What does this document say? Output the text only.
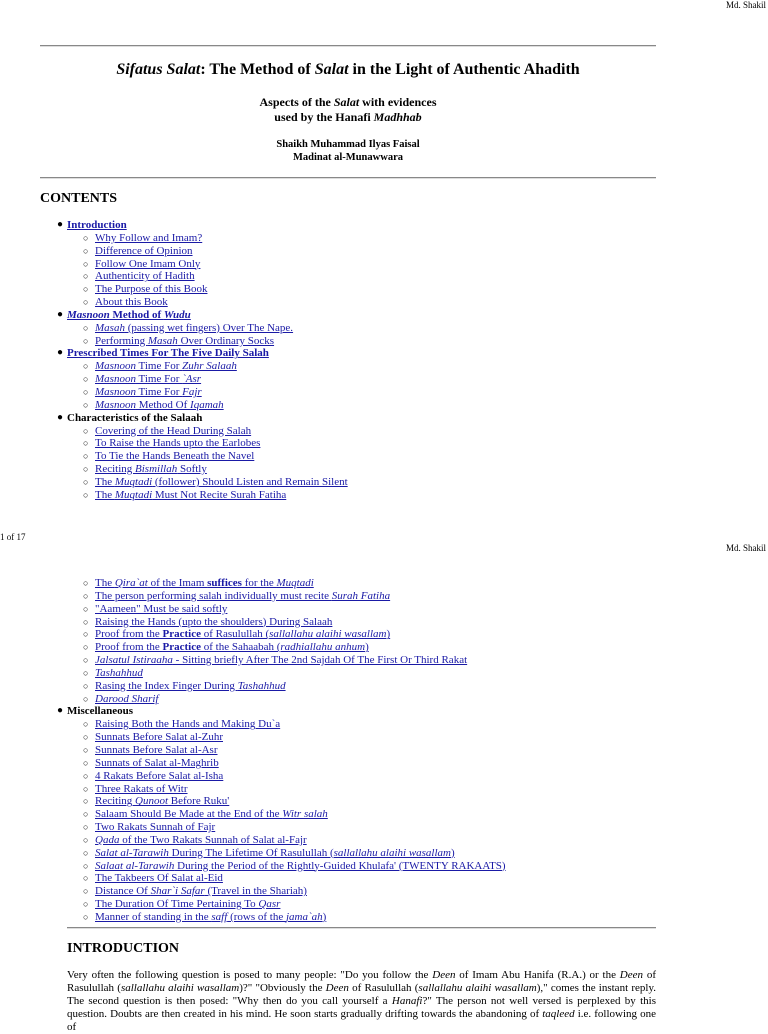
Md. Shakil
Sifatus Salat: The Method of Salat in the Light of Authentic Ahadith
Aspects of the Salat with evidences
used by the Hanafi Madhhab
Shaikh Muhammad Ilyas Faisal
Madinat al-Munawwara
CONTENTS
● Introduction
○ Why Follow and Imam?
○ Difference of Opinion
○ Follow One Imam Only
○ Authenticity of Hadith
○ The Purpose of this Book
○ About this Book
● Masnoon Method of Wudu
○ Masah (passing wet fingers) Over The Nape.
○ Performing Masah Over Ordinary Socks
● Prescribed Times For The Five Daily Salah
○ Masnoon Time For Zuhr Salaah
○ Masnoon Time For `Asr
○ Masnoon Time For Fajr
○ Masnoon Method Of Iqamah
● Characteristics of the Salaah
○ Covering of the Head During Salah
○ To Raise the Hands upto the Earlobes
○ To Tie the Hands Beneath the Navel
○ Reciting Bismillah Softly
○ The Muqtadi (follower) Should Listen and Remain Silent
○ The Muqtadi Must Not Recite Surah Fatiha
1 of 17
Md. Shakil
○ The Qira`at of the Imam suffices for the Muqtadi
○ The person performing salah individually must recite Surah Fatiha
○ "Aameen" Must be said softly
○ Raising the Hands (upto the shoulders) During Salaah
○ Proof from the Practice of Rasulullah (sallallahu alaihi wasallam)
○ Proof from the Practice of the Sahaabah (radhiallahu anhum)
○ Jalsatul Istiraaha - Sitting briefly After The 2nd Sajdah Of The First Or Third Rakat
○ Tashahhud
○ Rasing the Index Finger During Tashahhud
○ Darood Sharif
● Miscellaneous
○ Raising Both the Hands and Making Du`a
○ Sunnats Before Salat al-Zuhr
○ Sunnats Before Salat al-Asr
○ Sunnats of Salat al-Maghrib
○ 4 Rakats Before Salat al-Isha
○ Three Rakats of Witr
○ Reciting Qunoot Before Ruku'
○ Salaam Should Be Made at the End of the Witr salah
○ Two Rakats Sunnah of Fajr
○ Qada of the Two Rakats Sunnah of Salat al-Fajr
○ Salat al-Tarawih During The Lifetime Of Rasulullah (sallallahu alaihi wasallam)
○ Salaat al-Tarawih During the Period of the Rightly-Guided Khulafa' (TWENTY RAKAATS)
○ The Takbeers Of Salat al-Eid
○ Distance Of Shar`i Safar (Travel in the Shariah)
○ The Duration Of Time Pertaining To Qasr
○ Manner of standing in the saff (rows of the jama`ah)
INTRODUCTION
Very often the following question is posed to many people: "Do you follow the Deen of Imam Abu Hanifa (R.A.) or the Deen of Rasulullah (sallallahu alaihi wasallam)?" "Obviously the Deen of Rasulullah (sallallahu alaihi wasallam)," comes the instant reply. The second question is then posed: "Why then do you call yourself a Hanafi?" The person not well versed is perplexed by this question. Doubts are then created in his mind. He soon starts gradually drifting towards the abandoning of taqleed i.e. following one of
